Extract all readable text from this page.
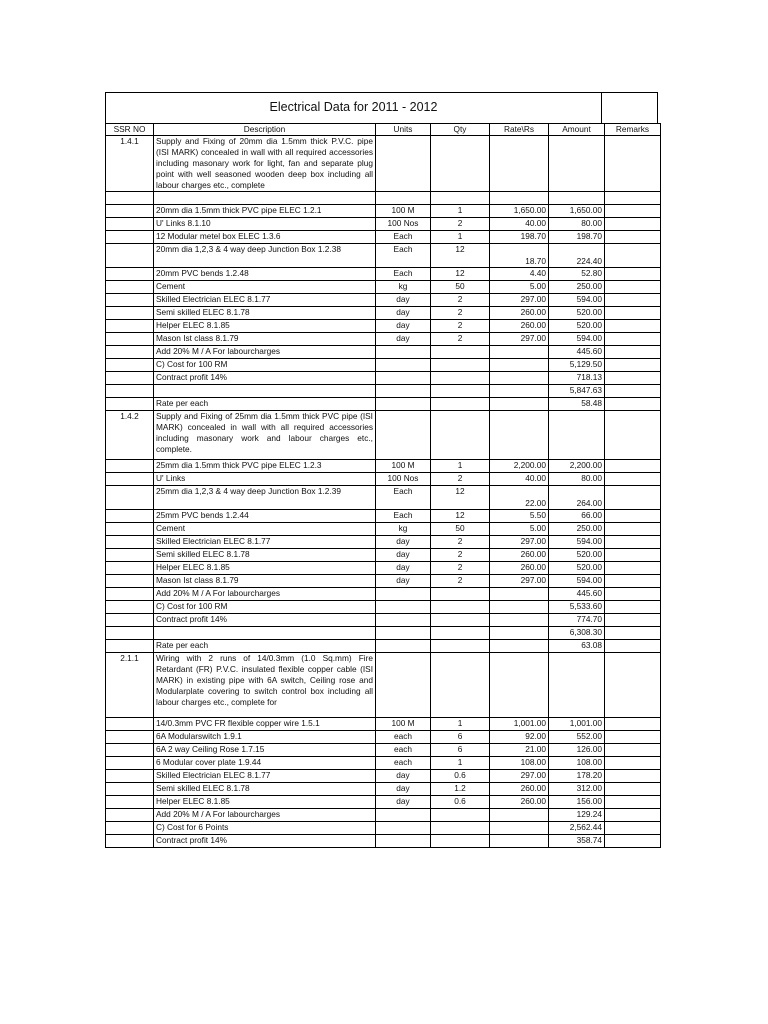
Electrical Data for 2011 - 2012
SSR NO	Description	Units	Qty	Rate\Rs	Amount	Remarks
1.4.1	Supply and Fixing of 20mm dia 1.5mm thick P.V.C. pipe (ISI MARK) concealed in wall with all required accessories including masonary work for light, fan and separate plug point with well seasoned wooden deep box including all labour charges etc., complete					

	20mm dia 1.5mm thick PVC pipe ELEC 1.2.1	100 M	1	1,650.00	1,650.00	
	U' Links 8.1.10	100 Nos	2	40.00	80.00	
	12 Modular metel box ELEC 1.3.6	Each	1	198.70	198.70	
	20mm dia 1,2,3 & 4 way deep Junction Box 1.2.38	Each	12	18.70	224.40	
	20mm PVC bends 1.2.48	Each	12	4.40	52.80	
	Cement	kg	50	5.00	250.00	
	Skilled Electrician ELEC 8.1.77	day	2	297.00	594.00	
	Semi skilled ELEC 8.1.78	day	2	260.00	520.00	
	Helper ELEC 8.1.85	day	2	260.00	520.00	
	Mason Ist class 8.1.79	day	2	297.00	594.00	
	Add 20% M / A For labourcharges				445.60	
	C) Cost for 100 RM				5,129.50	
	Contract profit 14%				718.13	
					5,847.63	
	Rate per each				58.48	
1.4.2	Supply and Fixing of 25mm dia 1.5mm thick PVC pipe (ISI MARK) concealed in wall with all required accessories including masonary work and labour charges etc., complete.					
	25mm dia 1.5mm thick PVC pipe ELEC 1.2.3	100 M	1	2,200.00	2,200.00	
	U' Links	100 Nos	2	40.00	80.00	
	25mm dia 1,2,3 & 4 way deep Junction Box 1.2.39	Each	12	22.00	264.00	
	25mm PVC bends 1.2.44	Each	12	5.50	66.00	
	Cement	kg	50	5.00	250.00	
	Skilled Electrician ELEC 8.1.77	day	2	297.00	594.00	
	Semi skilled ELEC 8.1.78	day	2	260.00	520.00	
	Helper ELEC 8.1.85	day	2	260.00	520.00	
	Mason Ist class 8.1.79	day	2	297.00	594.00	
	Add 20% M / A For labourcharges				445.60	
	C) Cost for 100 RM				5,533.60	
	Contract profit 14%				774.70	
					6,308.30	
	Rate per each				63.08	
2.1.1	Wiring with 2 runs of 14/0.3mm (1.0 Sq.mm) Fire Retardant (FR) P.V.C. insulated flexible copper cable (ISI MARK) in existing pipe with 6A switch, Ceiling rose and Modularplate covering to switch control box including all labour charges etc., complete for					
	14/0.3mm PVC FR flexible copper wire 1.5.1	100 M	1	1,001.00	1,001.00	
	6A Modularswitch 1.9.1	each	6	92.00	552.00	
	6A 2 way Ceiling Rose 1.7.15	each	6	21.00	126.00	
	6 Modular cover plate 1.9.44	each	1	108.00	108.00	
	Skilled Electrician ELEC 8.1.77	day	0.6	297.00	178.20	
	Semi skilled ELEC 8.1.78	day	1.2	260.00	312.00	
	Helper ELEC 8.1.85	day	0.6	260.00	156.00	
	Add 20% M / A For labourcharges				129.24	
	C) Cost for 6 Points				2,562.44	
	Contract profit 14%				358.74	
